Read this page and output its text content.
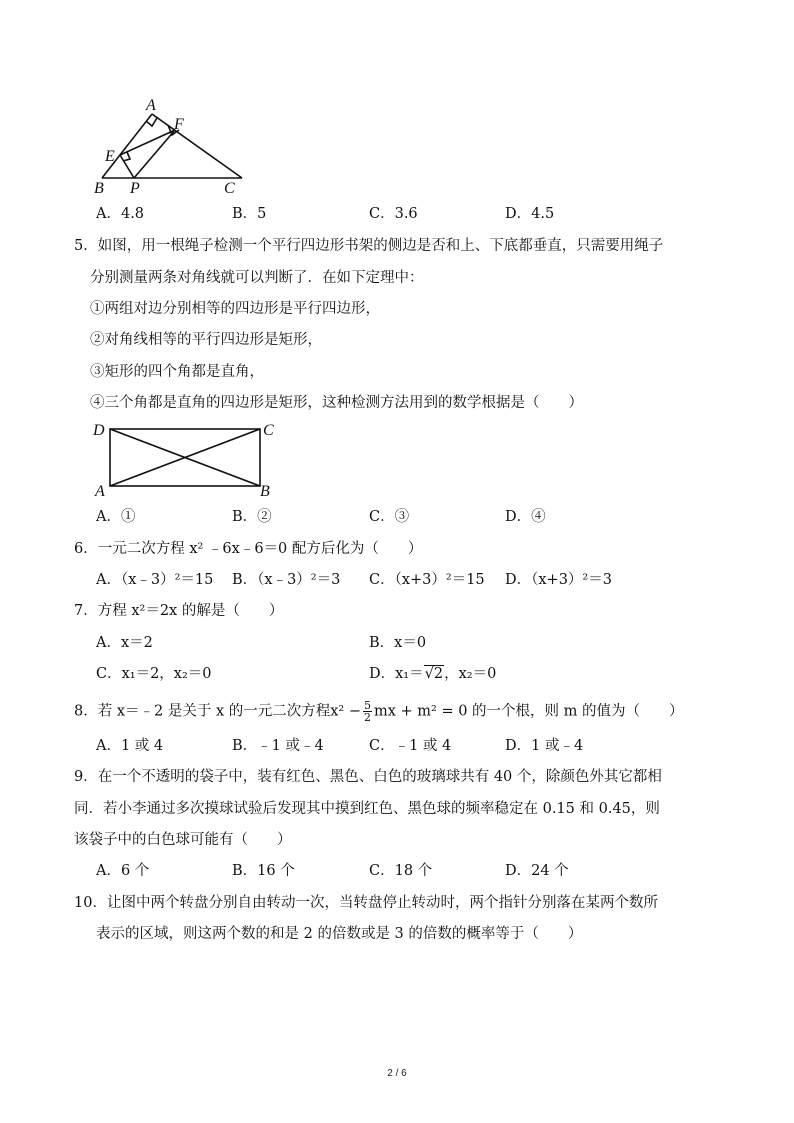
A
F
E
B P	C
A．4.8	B．5	C．3.6	D．4.5
5．如图，用一根绳子检测一个平行四边形书架的侧边是否和上、下底都垂直，只需要用绳子
分别测量两条对角线就可以判断了．在如下定理中：
①两组对边分别相等的四边形是平行四边形，
②对角线相等的平行四边形是矩形，
③矩形的四个角都是直角，
④三个角都是直角的四边形是矩形，这种检测方法用到的数学根据是（　　）
D	C
A	B
A．①	B．②	C．③	D．④
6．一元二次方程 x² ﹣6x﹣6＝0 配方后化为（　　）
A．（x﹣3）²＝15 B．（x﹣3）²＝3 C．（x+3）²＝15 D．（x+3）²＝3
7．方程 x²＝2x 的解是（　　）
A．x＝2	B．x＝0
C．x₁＝2，x₂＝0	D．x₁＝√2，x₂＝0
8．若 x＝﹣2 是关于 x 的一元二次方程$x^2 - \frac{5}{2}$ mx + m² = 0 的一个根，则 m 的值为（　　）
A．1 或 4	B．﹣1 或﹣4	C．﹣1 或 4	D．1 或﹣4
9．在一个不透明的袋子中，装有红色、黑色、白色的玻璃球共有 40 个，除颜色外其它都相
同．若小李通过多次摸球试验后发现其中摸到红色、黑色球的频率稳定在 0.15 和 0.45，则
该袋子中的白色球可能有（　　）
A．6 个	B．16 个	C．18 个	D．24 个
10．让图中两个转盘分别自由转动一次，当转盘停止转动时，两个指针分别落在某两个数所
表示的区域，则这两个数的和是 2 的倍数或是 3 的倍数的概率等于（　　）
2 / 6
